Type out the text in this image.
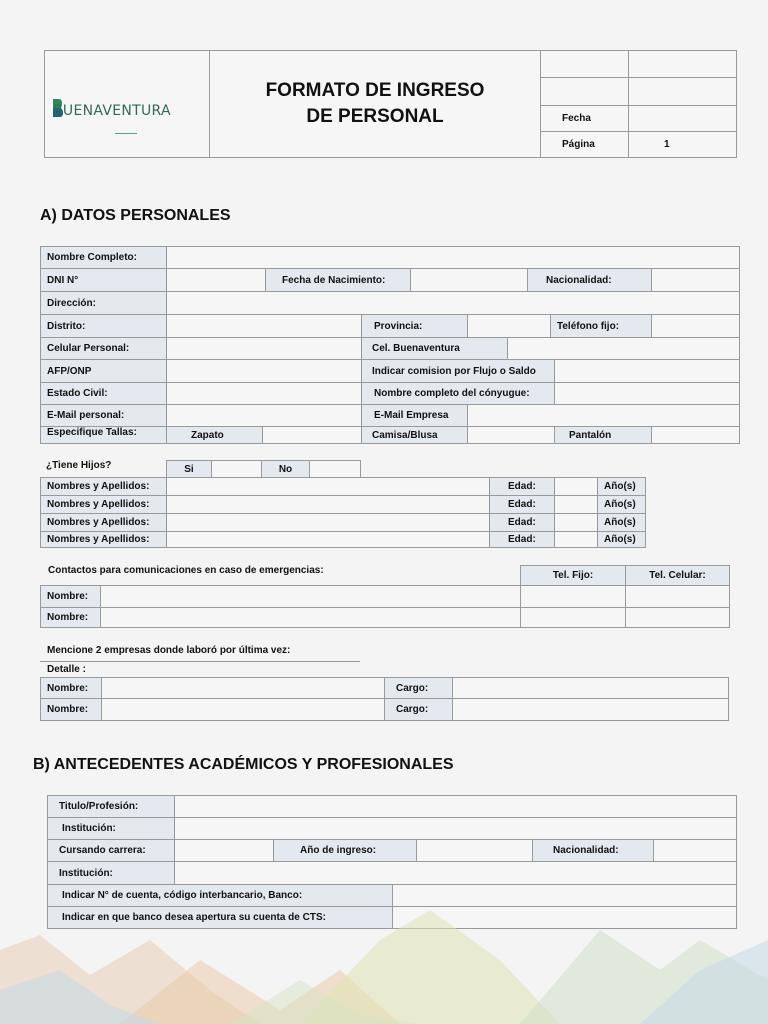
BUENAVENTURA
FORMATO DE INGRESO
DE PERSONAL	Fecha
Página	1
A) DATOS PERSONALES
Nombre Completo:
DNI N°	Fecha de Nacimiento:	Nacionalidad:
Dirección:
Distrito:	Provincia:	Teléfono fijo:
Celular Personal:	Cel. Buenaventura
AFP/ONP	Indicar comision por Flujo o Saldo
Estado Civil:	Nombre completo del cónyugue:
E-Mail personal:	E-Mail Empresa
Especifique Tallas:	Zapato	Camisa/Blusa	Pantalón
¿Tiene Hijos?	Si	No
Nombres y Apellidos:	Edad:	Año(s)
Nombres y Apellidos:	Edad:	Año(s)
Nombres y Apellidos:	Edad:	Año(s)
Nombres y Apellidos:	Edad:	Año(s)
Contactos para comunicaciones en caso de emergencias:	Tel. Fijo:	Tel. Celular:
Nombre:
Nombre:
Mencione 2 empresas donde laboró por última vez:
Detalle :
Nombre:	Cargo:
Nombre:	Cargo:
B) ANTECEDENTES ACADÉMICOS Y PROFESIONALES
Titulo/Profesión:
Institución:
Cursando carrera:	Año de ingreso:	Nacionalidad:
Institución:
Indicar N° de cuenta, código interbancario, Banco:
Indicar en que banco desea apertura su cuenta de CTS:
